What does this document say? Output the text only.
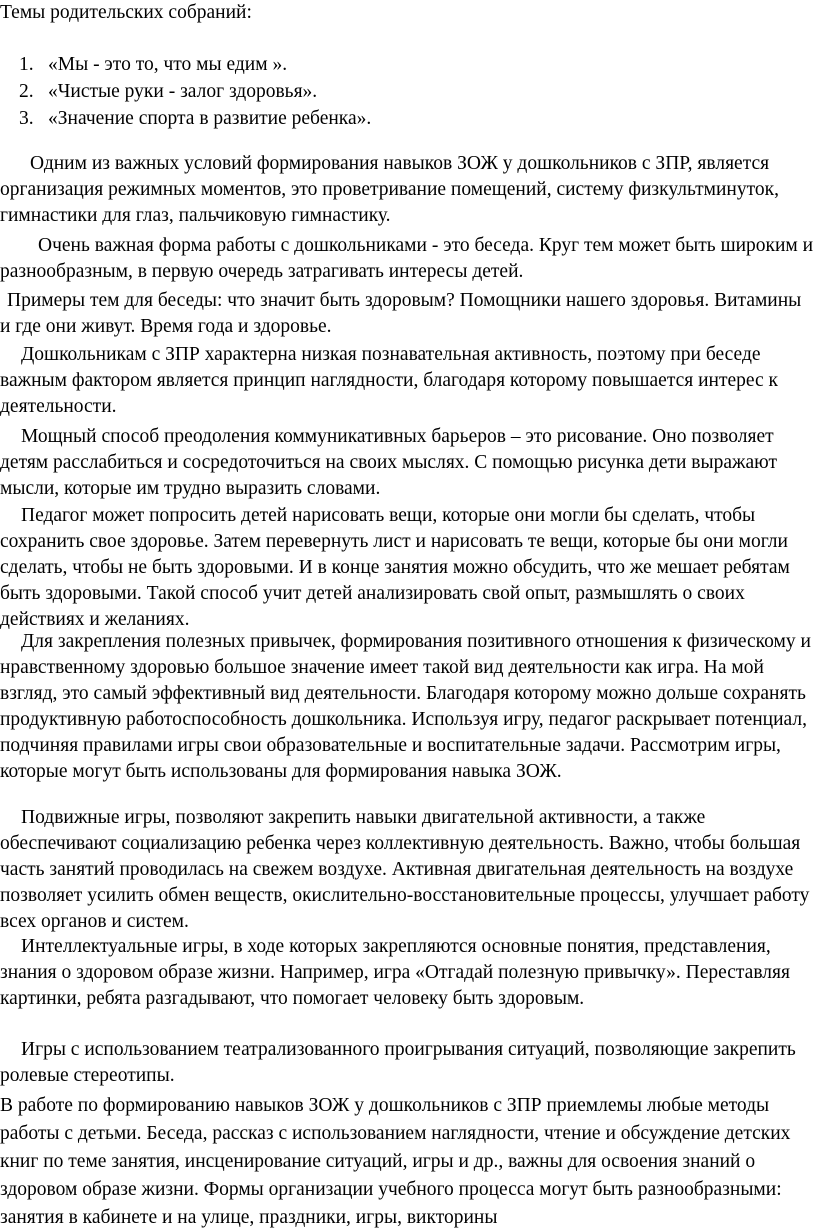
Темы родительских собраний:
1. «Мы - это то, что мы едим ».
2. «Чистые руки - залог здоровья».
3. «Значение спорта в развитие ребенка».

Одним из важных условий формирования навыков ЗОЖ у дошкольников с ЗПР, является организация режимных моментов, это проветривание помещений, систему физкультминуток, гимнастики для глаз, пальчиковую гимнастику.

Очень важная форма работы с дошкольниками - это беседа. Круг тем может быть широким и разнообразным, в первую очередь затрагивать интересы детей.

Примеры тем для беседы: что значит быть здоровым? Помощники нашего здоровья. Витамины и где они живут. Время года и здоровье.

Дошкольникам с ЗПР характерна низкая познавательная активность, поэтому при беседе важным фактором является принцип наглядности, благодаря которому повышается интерес к деятельности.

Мощный способ преодоления коммуникативных барьеров – это рисование. Оно позволяет детям расслабиться и сосредоточиться на своих мыслях. С помощью рисунка дети выражают мысли, которые им трудно выразить словами.

Педагог может попросить детей нарисовать вещи, которые они могли бы сделать, чтобы сохранить свое здоровье. Затем перевернуть лист и нарисовать те вещи, которые бы они могли сделать, чтобы не быть здоровыми. И в конце занятия можно обсудить, что же мешает ребятам быть здоровыми. Такой способ учит детей анализировать свой опыт, размышлять о своих действиях и желаниях.

Для закрепления полезных привычек, формирования позитивного отношения к физическому и нравственному здоровью большое значение имеет такой вид деятельности как игра. На мой взгляд, это самый эффективный вид деятельности. Благодаря которому можно дольше сохранять продуктивную работоспособность дошкольника. Используя игру, педагог раскрывает потенциал, подчиняя правилами игры свои образовательные и воспитательные задачи. Рассмотрим игры, которые могут быть использованы для формирования навыка ЗОЖ.

Подвижные игры, позволяют закрепить навыки двигательной активности, а также обеспечивают социализацию ребенка через коллективную деятельность. Важно, чтобы большая часть занятий проводилась на свежем воздухе. Активная двигательная деятельность на воздухе позволяет усилить обмен веществ, окислительно-восстановительные процессы, улучшает работу всех органов и систем.

Интеллектуальные игры, в ходе которых закрепляются основные понятия, представления, знания о здоровом образе жизни. Например, игра «Отгадай полезную привычку». Переставляя картинки, ребята разгадывают, что помогает человеку быть здоровым.

Игры с использованием театрализованного проигрывания ситуаций, позволяющие закрепить ролевые стереотипы.

В работе по формированию навыков ЗОЖ у дошкольников с ЗПР приемлемы любые методы работы с детьми. Беседа, рассказ с использованием наглядности, чтение и обсуждение детских книг по теме занятия, инсценирование ситуаций, игры и др., важны для освоения знаний о здоровом образе жизни. Формы организации учебного процесса могут быть разнообразными: занятия в кабинете и на улице, праздники, игры, викторины
